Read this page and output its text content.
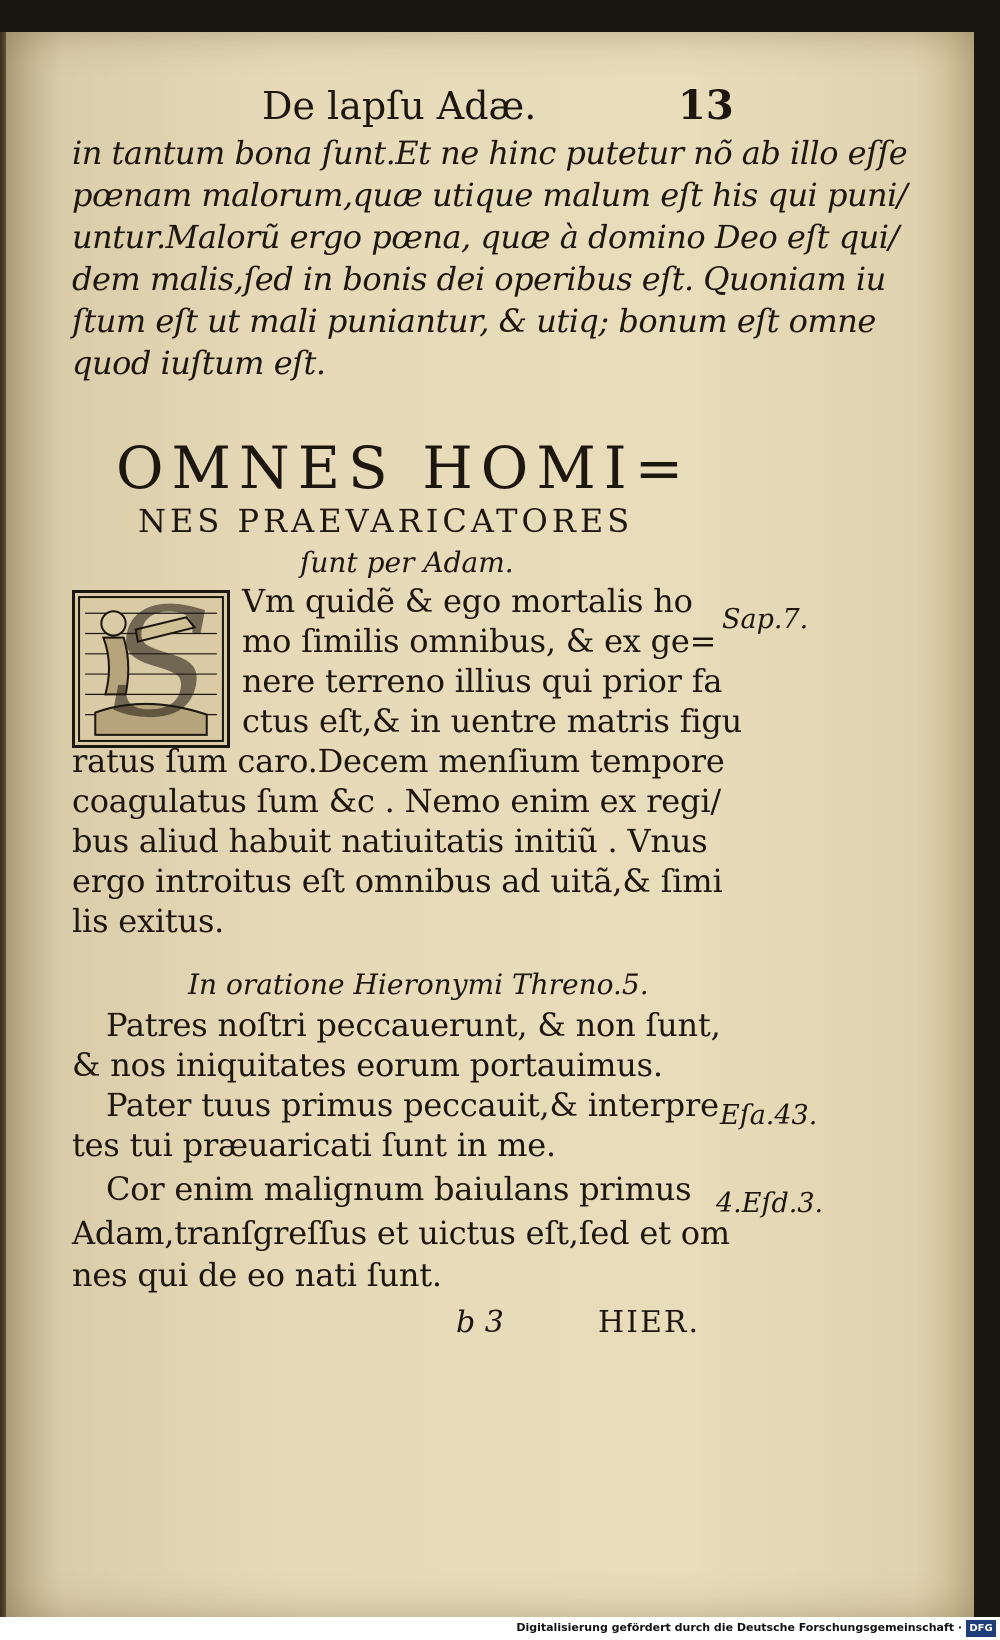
De lapſu Adæ.	13
in tantum bona ſunt.Et ne hinc putetur nõ ab illo eſſe
pœnam malorum,quæ utique malum eſt his qui puni/
untur.Malorũ ergo pœna, quæ à domino Deo eſt qui/
dem malis,ſed in bonis dei operibus eſt. Quoniam iu
ſtum eſt ut mali puniantur, & utiq; bonum eſt omne
quod iuſtum eſt.
OMNES HOMI=
NES PRAEVARICATORES
ſunt per Adam.
S Vm quidẽ & ego mortalis ho
mo ſimilis omnibus, & ex ge=
nere terreno illius qui prior fa
ctus eſt,& in uentre matris figu
ratus ſum caro.Decem menſium tempore
coagulatus ſum &c . Nemo enim ex regi/
bus aliud habuit natiuitatis initiũ . Vnus
ergo introitus eſt omnibus ad uitã,& ſimi
lis exitus.
Sap.7.
In oratione Hieronymi Threno.5.
Patres noſtri peccauerunt, & non ſunt,
& nos iniquitates eorum portauimus.
Pater tuus primus peccauit,& interpre
tes tui præuaricati ſunt in me.
Cor enim malignum baiulans primus
Adam,tranſgreſſus et uictus eſt,ſed et om
nes qui de eo nati ſunt.
Eſa.43.
4.Eſd.3.
b 3	HIER.
Digitalisierung gefördert durch die Deutsche Forschungsgemeinschaft · DFG
